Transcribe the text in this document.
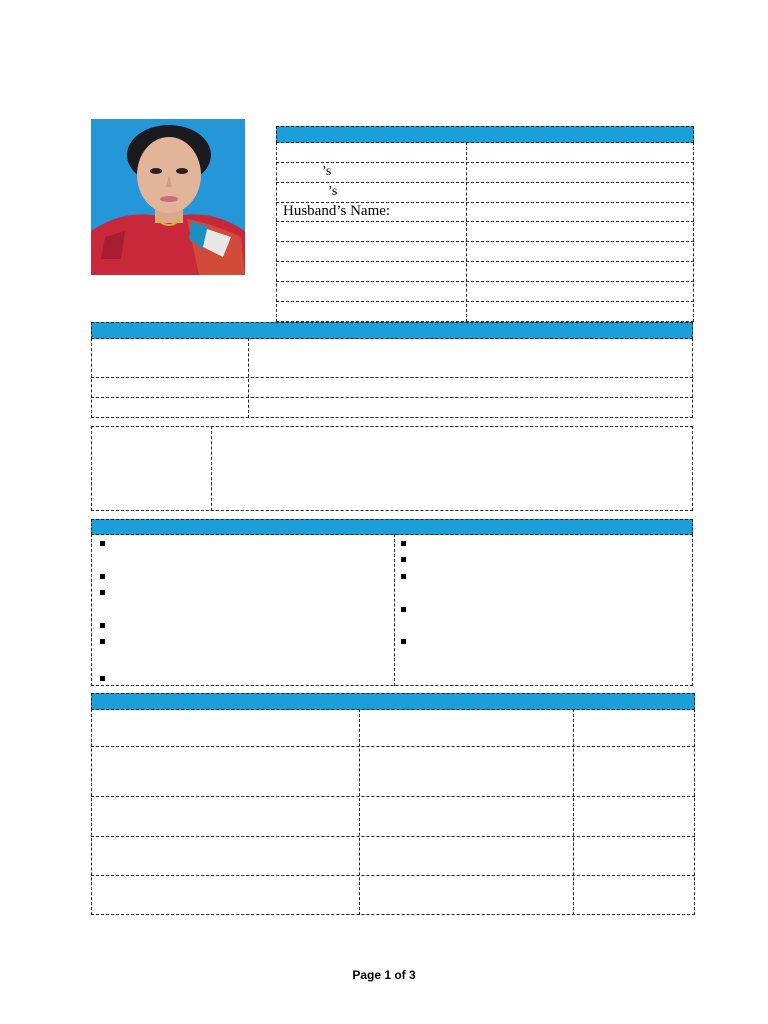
’s
’s
Husband’s Name:
Page 1 of 3
